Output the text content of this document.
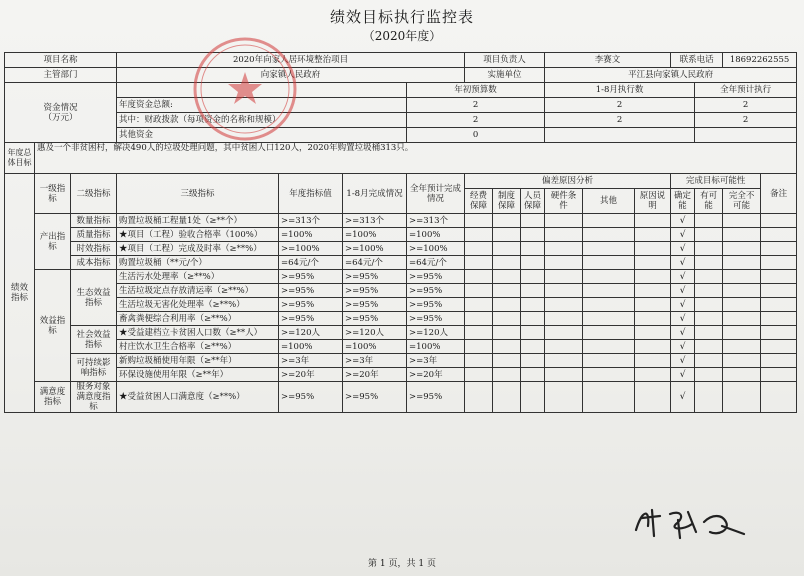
绩效目标执行监控表
（2020年度）
项目名称			2020年向家人居环境整治项目				项目负责人			李赛文			联系电话		18692262555	
主管部门			向家镇人民政府				实施单位			平江县向家镇人民政府						
资金情况
（万元）						年初预算数				1-8月执行数				全年预计执行		
			年度资金总额:			2				2				2		
			其中：财政拨款（每项资金的名称和规模）			2				2				2		
			其他资金			0										
年度总体目标	惠及一个非贫困村，解决490人的垃圾处理问题，其中贫困人口120人，2020年购置垃圾桶313只。															
绩效指标	一级指标	二级指标	三级指标	年度指标值	1-8月完成情况	全年预计完成情况	偏差原因分析						完成目标可能性			备注
							经费保障	制度保障	人员保障	硬件条件	其他	原因说明	确定能	有可能	完全不可能	
	产出指标	数量指标	购置垃圾桶工程量1处（≥**个）	>=313个	>=313个	>=313个							√			
		质量指标	★项目（工程）验收合格率（100%）	=100%	=100%	=100%							√			
		时效指标	★项目（工程）完成及时率（≥**%）	>=100%	>=100%	>=100%							√			
		成本指标	购置垃圾桶（**元/个）	=64元/个	=64元/个	=64元/个							√			
	效益指标	生态效益指标	生活污水处理率（≥**%）	>=95%	>=95%	>=95%							√			
			生活垃圾定点存放清运率（≥**%）	>=95%	>=95%	>=95%							√			
			生活垃圾无害化处理率（≥**%）	>=95%	>=95%	>=95%							√			
			畜禽粪便综合利用率（≥**%）	>=95%	>=95%	>=95%							√			
		社会效益指标	★受益建档立卡贫困人口数（≥**人）	>=120人	>=120人	>=120人							√			
			村庄饮水卫生合格率（≥**%）	=100%	=100%	=100%							√			
		可持续影响指标	新购垃圾桶使用年限（≥**年）	>=3年	>=3年	>=3年							√			
			环保设施使用年限（≥**年）	>=20年	>=20年	>=20年							√			
	满意度指标	服务对象满意度指标	★受益贫困人口满意度（≥**%）	>=95%	>=95%	>=95%							√			
第 1 页，共 1 页
